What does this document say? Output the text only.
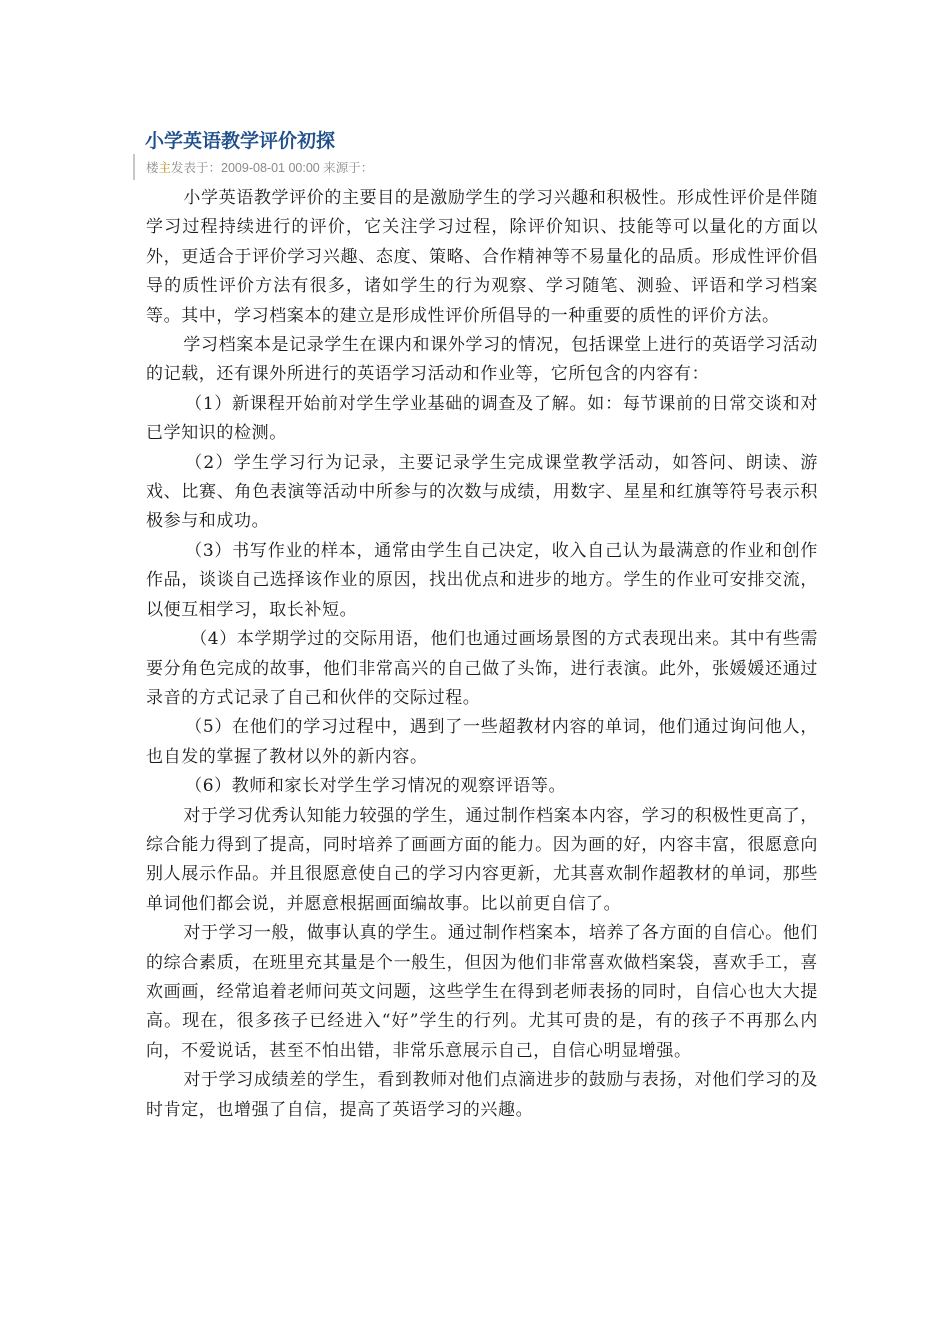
小学英语教学评价初探
楼主发表于：2009-08-01 00:00 来源于：

小学英语教学评价的主要目的是激励学生的学习兴趣和积极性。形成性评价是伴随学习过程持续进行的评价，它关注学习过程，除评价知识、技能等可以量化的方面以外，更适合于评价学习兴趣、态度、策略、合作精神等不易量化的品质。形成性评价倡导的质性评价方法有很多，诸如学生的行为观察、学习随笔、测验、评语和学习档案等。其中，学习档案本的建立是形成性评价所倡导的一种重要的质性的评价方法。

学习档案本是记录学生在课内和课外学习的情况，包括课堂上进行的英语学习活动的记载，还有课外所进行的英语学习活动和作业等，它所包含的内容有：

（1）新课程开始前对学生学业基础的调查及了解。如：每节课前的日常交谈和对已学知识的检测。

（2）学生学习行为记录，主要记录学生完成课堂教学活动，如答问、朗读、游戏、比赛、角色表演等活动中所参与的次数与成绩，用数字、星星和红旗等符号表示积极参与和成功。

（3）书写作业的样本，通常由学生自己决定，收入自己认为最满意的作业和创作作品，谈谈自己选择该作业的原因，找出优点和进步的地方。学生的作业可安排交流，以便互相学习，取长补短。

（4）本学期学过的交际用语，他们也通过画场景图的方式表现出来。其中有些需要分角色完成的故事，他们非常高兴的自己做了头饰，进行表演。此外，张媛媛还通过录音的方式记录了自己和伙伴的交际过程。

（5）在他们的学习过程中，遇到了一些超教材内容的单词，他们通过询问他人，也自发的掌握了教材以外的新内容。

（6）教师和家长对学生学习情况的观察评语等。

对于学习优秀认知能力较强的学生，通过制作档案本内容，学习的积极性更高了，综合能力得到了提高，同时培养了画画方面的能力。因为画的好，内容丰富，很愿意向别人展示作品。并且很愿意使自己的学习内容更新，尤其喜欢制作超教材的单词，那些单词他们都会说，并愿意根据画面编故事。比以前更自信了。

对于学习一般，做事认真的学生。通过制作档案本，培养了各方面的自信心。他们的综合素质，在班里充其量是个一般生，但因为他们非常喜欢做档案袋，喜欢手工，喜欢画画，经常追着老师问英文问题，这些学生在得到老师表扬的同时，自信心也大大提高。现在，很多孩子已经进入“好”学生的行列。尤其可贵的是，有的孩子不再那么内向，不爱说话，甚至不怕出错，非常乐意展示自己，自信心明显增强。

对于学习成绩差的学生，看到教师对他们点滴进步的鼓励与表扬，对他们学习的及时肯定，也增强了自信，提高了英语学习的兴趣。
